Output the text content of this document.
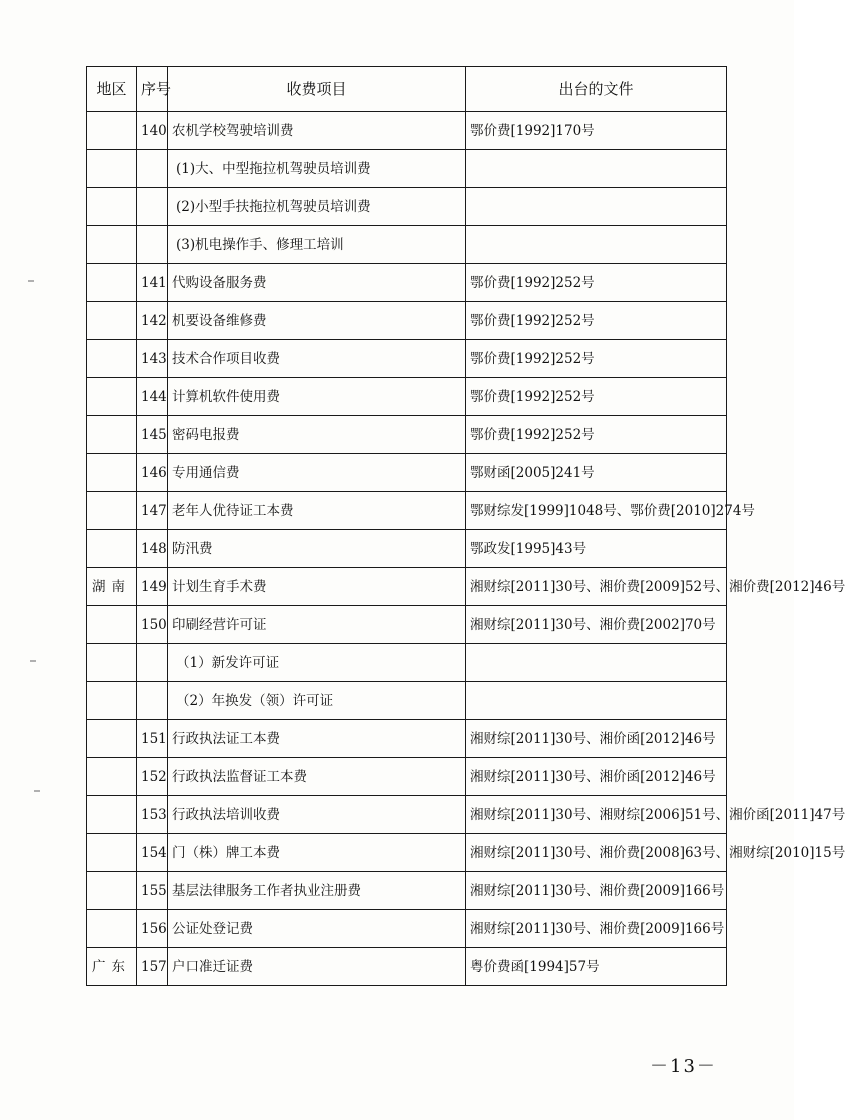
地区	序号	收费项目	出台的文件
	140	农机学校驾驶培训费	鄂价费[1992]170号
		(1)大、中型拖拉机驾驶员培训费	
		(2)小型手扶拖拉机驾驶员培训费	
		(3)机电操作手、修理工培训	
	141	代购设备服务费	鄂价费[1992]252号
	142	机要设备维修费	鄂价费[1992]252号
	143	技术合作项目收费	鄂价费[1992]252号
	144	计算机软件使用费	鄂价费[1992]252号
	145	密码电报费	鄂价费[1992]252号
	146	专用通信费	鄂财函[2005]241号
	147	老年人优待证工本费	鄂财综发[1999]1048号、鄂价费[2010]274号
	148	防汛费	鄂政发[1995]43号
湖南	149	计划生育手术费	湘财综[2011]30号、湘价费[2009]52号、湘价费[2012]46号
	150	印刷经营许可证	湘财综[2011]30号、湘价费[2002]70号
		（1）新发许可证	
		（2）年换发（领）许可证	
	151	行政执法证工本费	湘财综[2011]30号、湘价函[2012]46号
	152	行政执法监督证工本费	湘财综[2011]30号、湘价函[2012]46号
	153	行政执法培训收费	湘财综[2011]30号、湘财综[2006]51号、湘价函[2011]47号
	154	门（株）牌工本费	湘财综[2011]30号、湘价费[2008]63号、湘财综[2010]15号
	155	基层法律服务工作者执业注册费	湘财综[2011]30号、湘价费[2009]166号
	156	公证处登记费	湘财综[2011]30号、湘价费[2009]166号
广东	157	户口准迁证费	粤价费函[1994]57号
－13－
